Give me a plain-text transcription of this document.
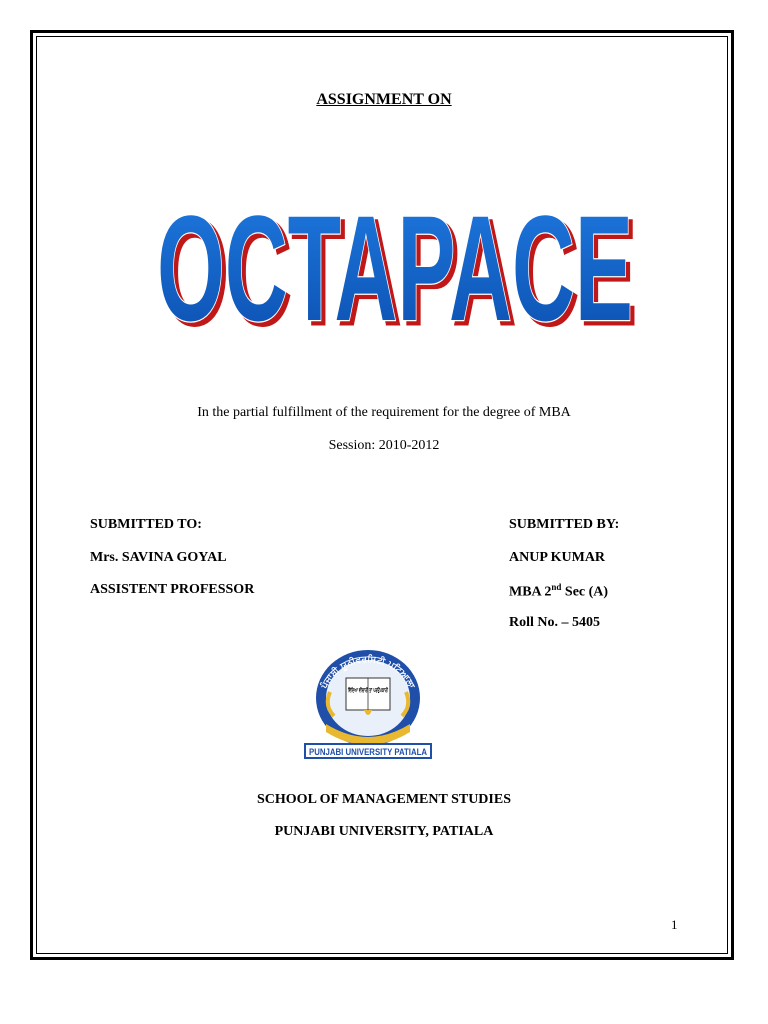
ASSIGNMENT ON
OCTAPACE
OCTAPACE
In the partial fulfillment of the requirement for the degree of MBA
Session: 2010-2012
SUBMITTED TO:
Mrs. SAVINA GOYAL
ASSISTENT PROFESSOR
SUBMITTED BY:
ANUP KUMAR
MBA 2nd Sec (A)
Roll No. – 5405
ਪੰਜਾਬੀ ਯੂਨੀਵਰਸਿਟੀ ਪਟਿਆਲਾ
ਵਿੱਦਿਆ ਵੀਚਾਰੀ ਤਾਂ ਪਰਉਪਕਾਰੀ
PUNJABI UNIVERSITY PATIALA
SCHOOL OF MANAGEMENT STUDIES
PUNJABI UNIVERSITY, PATIALA
1
